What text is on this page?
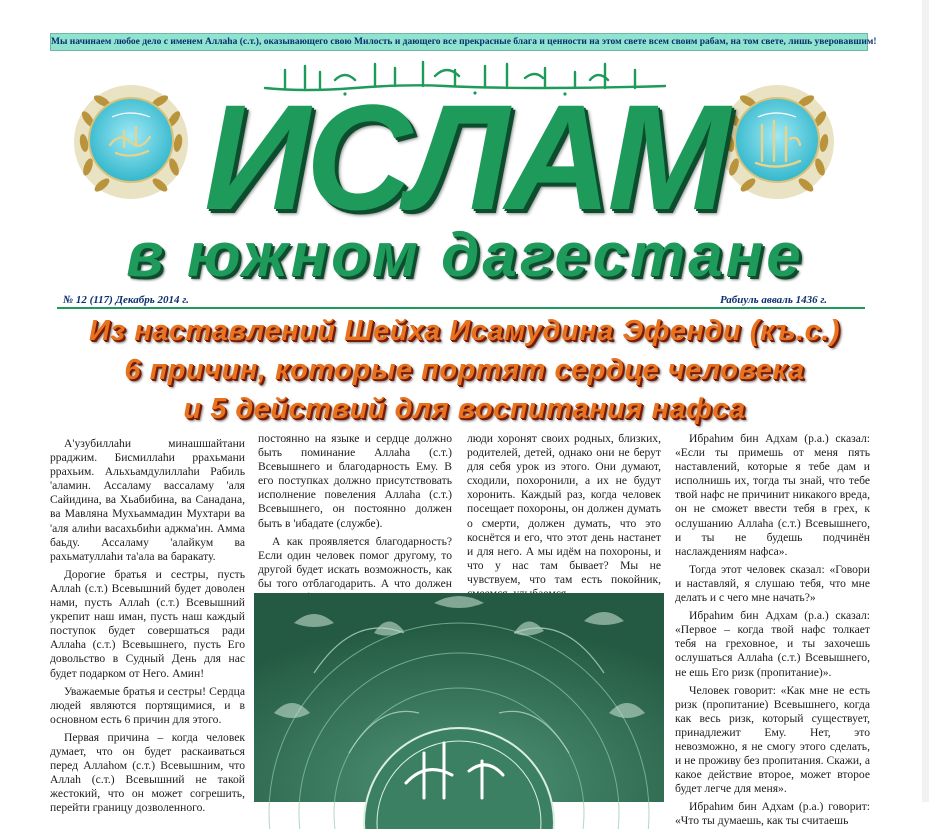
Мы начинаем любое дело с именем Аллаhа (с.т.), оказывающего свою Милость и дающего все прекрасные блага и ценности на этом свете всем своим рабам, на том свете, лишь уверовавшим!
ИСЛАМ
в южном дагестане
№ 12 (117) Декабрь 2014 г.	Рабиуль авваль 1436 г.
Из наставлений Шейха Исамудина Эфенди (къ.с.)
6 причин, которые портят сердце человека
и 5 действий для воспитания нафса

А'узубиллаhи минашшайтани рраджим. Бисмиллаhи ррахьмани ррахьим. Альхьамдулиллаhи Рабиль 'аламин. Ассаламу вассаламу 'аля Сайидина, ва Хьабибина, ва Санадана, ва Мавляна Мухьаммадин Мухтари ва 'аля алиhи васахьбиhи аджма'ин. Амма баьду. Ассаламу 'алайкум ва рахьматуллаhи та'ала ва баракату.

Дорогие братья и сестры, пусть Аллаh (с.т.) Всевышний будет доволен нами, пусть Аллаh (с.т.) Всевышний укрепит наш иман, пусть наш каждый поступок будет совершаться ради Аллаhа (с.т.) Всевышнего, пусть Его довольство в Судный День для нас будет подарком от Него. Амин!

Уважаемые братья и сестры! Сердца людей являются портящимися, и в основном есть 6 причин для этого.

Первая причина – когда человек думает, что он будет раскаиваться перед Аллаhом (с.т.) Всевышним, что Аллаh (с.т.) Всевышний не такой жестокий, что он может согрешить, перейти границу дозволенного.

постоянно на языке и сердце должно быть поминание Аллаhа (с.т.) Всевышнего и благодарность Ему. В его поступках должно присутствовать исполнение повеления Аллаhа (с.т.) Всевышнего, он постоянно должен быть в 'ибадате (службе).

А как проявляется благодарность? Если один человек помог другому, то другой будет искать возможность, как бы того отблагодарить. А что должен

люди хоронят своих родных, близких, родителей, детей, однако они не берут для себя урок из этого. Они думают, сходили, похоронили, а их не будут хоронить. Каждый раз, когда человек посещает похороны, он должен думать о смерти, должен думать, что это коснётся и его, что этот день настанет и для него. А мы идём на похороны, и что у нас там бывает? Мы не чувствуем, что там есть покойник,

Ибраhим бин Адхам (р.а.) сказал: «Если ты примешь от меня пять наставлений, которые я тебе дам и исполнишь их, тогда ты знай, что тебе твой нафс не причинит никакого вреда, он не сможет ввести тебя в грех, к ослушанию Аллаhа (с.т.) Всевышнего, и ты не будешь подчинён наслаждениям нафса».

Тогда этот человек сказал: «Говори и наставляй, я слушаю тебя, что мне делать и с чего мне начать?»

Ибраhим бин Адхам (р.а.) сказал: «Первое – когда твой нафс толкает тебя на греховное, и ты захочешь ослушаться Аллаhа (с.т.) Всевышнего, не ешь Его ризк (пропитание)».

Человек говорит: «Как мне не есть ризк (пропитание) Всевышнего, когда как весь ризк, который существует, принадлежит Ему. Нет, это невозможно, я не смогу этого сделать, и не проживу без пропитания. Скажи, а какое действие второе, может второе будет легче для меня».

Ибраhим бин Адхам (р.а.) говорит: «Что ты думаешь, как ты считаешь
